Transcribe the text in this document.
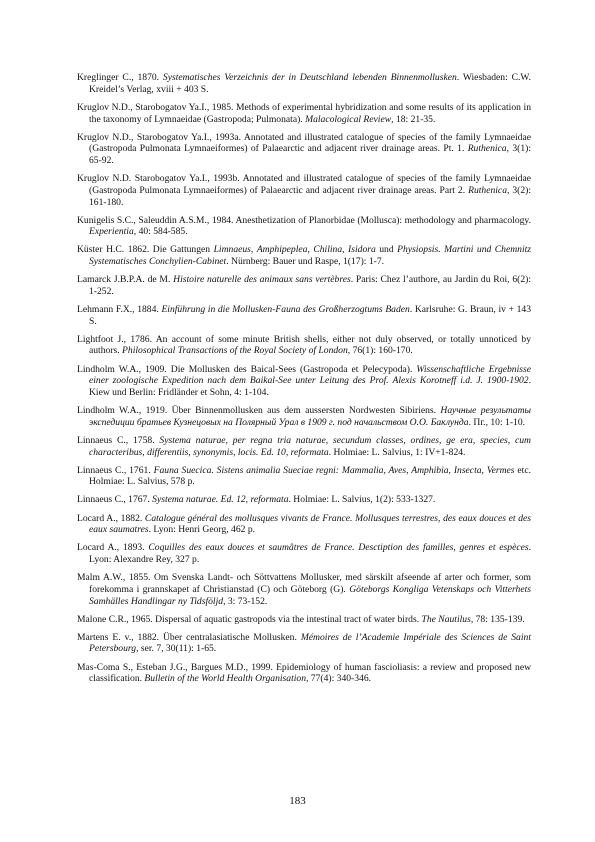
Kreglinger C., 1870. Systematisches Verzeichnis der in Deutschland lebenden Binnenmollusken. Wiesbaden: C.W. Kreidel’s Verlag, xviii + 403 S.

Kruglov N.D., Starobogatov Ya.I., 1985. Methods of experimental hybridization and some results of its application in the taxonomy of Lymnaeidae (Gastropoda; Pulmonata). Malacological Review, 18: 21-35.

Kruglov N.D., Starobogatov Ya.I., 1993a. Annotated and illustrated catalogue of species of the family Lymnaeidae (Gastropoda Pulmonata Lymnaeiformes) of Palaearctic and adjacent river drainage areas. Pt. 1. Ruthenica, 3(1): 65-92.

Kruglov N.D. Starobogatov Ya.I., 1993b. Annotated and illustrated catalogue of species of the family Lymnaeidae (Gastropoda Pulmonata Lymnaeiformes) of Palaearctic and adjacent river drainage areas. Part 2. Ruthenica, 3(2): 161-180.

Kunigelis S.C., Saleuddin A.S.M., 1984. Anesthetization of Planorbidae (Mollusca): methodology and pharmacology. Experientia, 40: 584-585.

Küster H.C. 1862. Die Gattungen Limnaeus, Amphipeplea, Chilina, Isidora und Physiopsis. Martini und Chemnitz Systematisches Conchylien-Cabinet. Nürnberg: Bauer und Raspe, 1(17): 1-7.

Lamarck J.B.P.A. de M. Histoire naturelle des animaux sans vertèbres. Paris: Chez l’authore, au Jardin du Roi, 6(2): 1-252.

Lehmann F.X., 1884. Einführung in die Mollusken-Fauna des Großherzogtums Baden. Karlsruhe: G. Braun, iv + 143 S.

Lightfoot J., 1786. An account of some minute British shells, either not duly observed, or totally unnoticed by authors. Philosophical Transactions of the Royal Society of London, 76(1): 160-170.

Lindholm W.A., 1909. Die Mollusken des Baical-Sees (Gastropoda et Pelecypoda). Wissenschaftliche Ergebnisse einer zoologische Expedition nach dem Baikal-See unter Leitung des Prof. Alexis Korotneff i.d. J. 1900-1902. Kiew und Berlin: Fridländer et Sohn, 4: 1-104.

Lindholm W.A., 1919. Über Binnenmollusken aus dem aussersten Nordwesten Sibiriens. Научные результаты экспедиции братьев Кузнецовых на Полярный Урал в 1909 г. под начальством О.О. Баклунда. Пг., 10: 1-10.

Linnaeus C., 1758. Systema naturae, per regna tria naturae, secundum classes, ordines, ge era, species, cum characteribus, differentiis, synonymis, locis. Ed. 10, reformata. Holmiae: L. Salvius, 1: IV+1-824.

Linnaeus C., 1761. Fauna Suecica. Sistens animalia Sueciae regni: Mammalia, Aves, Amphibia, Insecta, Vermes etc. Holmiae: L. Salvius, 578 p.

Linnaeus C., 1767. Systema naturae. Ed. 12, reformata. Holmiae: L. Salvius, 1(2): 533-1327.

Locard A., 1882. Catalogue général des mollusques vivants de France. Mollusques terrestres, des eaux douces et des eaux saumatres. Lyon: Henri Georg, 462 p.

Locard A., 1893. Coquilles des eaux douces et saumâtres de France. Desctiption des familles, genres et espèces. Lyon: Alexandre Rey, 327 p.

Malm A.W., 1855. Om Svenska Landt- och Söttvattens Mollusker, med särskilt afseende af arter och former, som forekomma i grannskapet af Christianstad (C) och Göteborg (G). Göteborgs Kongliga Vetenskaps och Vitterhets Samhälles Handlingar ny Tidsföljd, 3: 73-152.

Malone C.R., 1965. Dispersal of aquatic gastropods via the intestinal tract of water birds. The Nautilus, 78: 135-139.

Martens E. v., 1882. Über centralasiatische Mollusken. Mémoires de l’Academie Impériale des Sciences de Saint Petersbourg, ser. 7, 30(11): 1-65.

Mas-Coma S., Esteban J.G., Bargues M.D., 1999. Epidemiology of human fascioliasis: a review and proposed new classification. Bulletin of the World Health Organisation, 77(4): 340-346.

183
